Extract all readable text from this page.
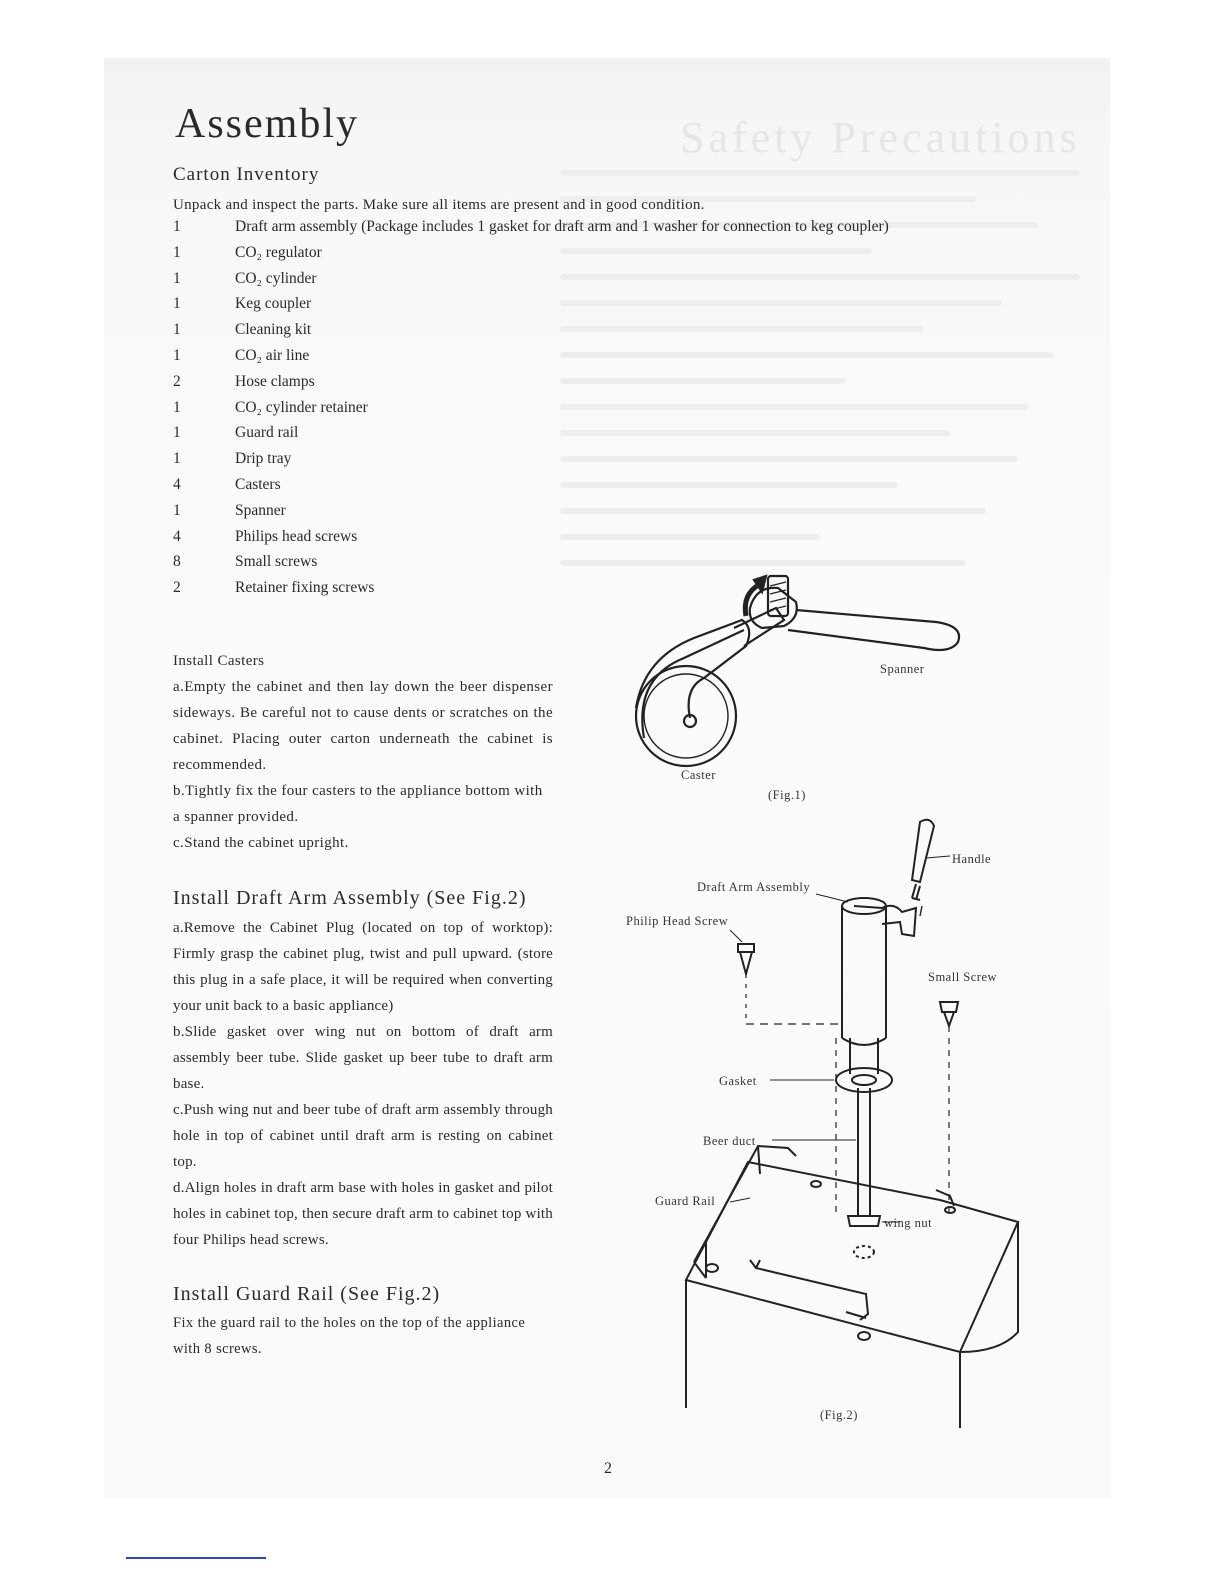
Safety Precautions
Assembly
Carton Inventory
Unpack and inspect the parts. Make sure all items are present and in good condition.
1	Draft arm assembly (Package includes 1 gasket for draft arm and 1 washer for connection to keg coupler)
1	CO₂ regulator
1	CO₂ cylinder
1	Keg coupler
1	Cleaning kit
1	CO₂ air line
2	Hose clamps
1	CO₂ cylinder retainer
1	Guard rail
1	Drip tray
4	Casters
1	Spanner
4	Philips head screws
8	Small screws
2	Retainer fixing screws

Install Casters

a.Empty the cabinet and then lay down the beer dispenser sideways. Be careful not to cause dents or scratches on the cabinet. Placing outer carton underneath the cabinet is recommended.

b.Tightly fix the four casters to the appliance bottom with a spanner provided.

c.Stand the cabinet upright.

Install Draft Arm Assembly (See Fig.2)

a.Remove the Cabinet Plug (located on top of worktop): Firmly grasp the cabinet plug, twist and pull upward. (store this plug in a safe place, it will be required when converting your unit back to a basic appliance)

b.Slide gasket over wing nut on bottom of draft arm assembly beer tube. Slide gasket up beer tube to draft arm base.

c.Push wing nut and beer tube of draft arm assembly through hole in top of cabinet until draft arm is resting on cabinet top.

d.Align holes in draft arm base with holes in gasket and pilot holes in cabinet top, then secure draft arm to cabinet top with four Philips head screws.

Install Guard Rail (See Fig.2)
Fix the guard rail to the holes on the top of the appliance with 8 screws.
Spanner
Caster
(Fig.1)
Handle
Draft Arm Assembly
Philip Head Screw
Small Screw
Gasket
Beer duct
Guard Rail
wing nut
(Fig.2)
2
